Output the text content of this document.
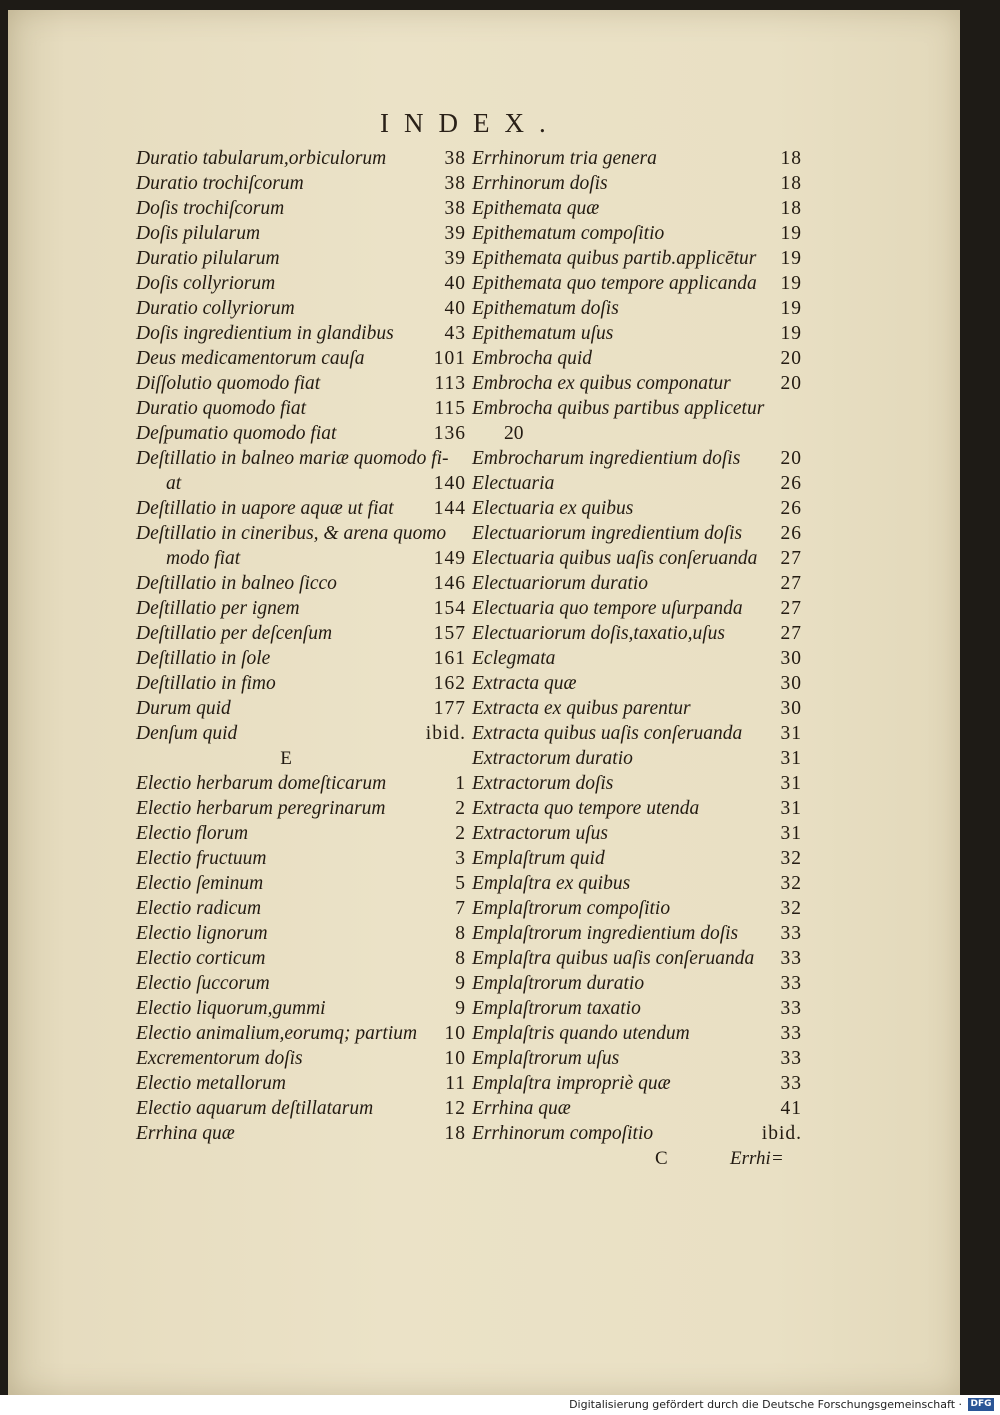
INDEX.
Duratio tabularum,orbiculorum	38
Duratio trochiſcorum	38
Doſis trochiſcorum	38
Doſis pilularum	39
Duratio pilularum	39
Doſis collyriorum	40
Duratio collyriorum	40
Doſis ingredientium in glandibus	43
Deus medicamentorum cauſa	101
Diſſolutio quomodo fiat	113
Duratio quomodo fiat	115
Deſpumatio quomodo fiat	136
Deſtillatio in balneo mariæ quomodo fi-
at	140
Deſtillatio in uapore aquæ ut fiat 144
Deſtillatio in cineribus, & arena quomo
modo fiat	149
Deſtillatio in balneo ſicco	146
Deſtillatio per ignem	154
Deſtillatio per deſcenſum	157
Deſtillatio in ſole	161
Deſtillatio in fimo	162
Durum quid	177
Denſum quid	ibid.
E
Electio herbarum domeſticarum	1
Electio herbarum peregrinarum	2
Electio florum	2
Electio fructuum	3
Electio ſeminum	5
Electio radicum	7
Electio lignorum	8
Electio corticum	8
Electio ſuccorum	9
Electio liquorum,gummi	9
Electio animalium,eorumq; partium 10
Excrementorum doſis	10
Electio metallorum	11
Electio aquarum deſtillatarum	12
Errhina quæ	18
Errhinorum tria genera	18
Errhinorum doſis	18
Epithemata quæ	18
Epithematum compoſitio	19
Epithemata quibus partib.applicētur 19
Epithemata quo tempore applicanda 19
Epithematum doſis	19
Epithematum uſus	19
Embrocha quid	20
Embrocha ex quibus componatur	20
Embrocha quibus partibus applicetur
20
Embrocharum ingredientium doſis 20
Electuaria	26
Electuaria ex quibus	26
Electuariorum ingredientium doſis 26
Electuaria quibus uaſis conſeruanda 27
Electuariorum duratio	27
Electuaria quo tempore uſurpanda 27
Electuariorum doſis,taxatio,uſus	27
Eclegmata	30
Extracta quæ	30
Extracta ex quibus parentur	30
Extracta quibus uaſis conſeruanda 31
Extractorum duratio	31
Extractorum doſis	31
Extracta quo tempore utenda	31
Extractorum uſus	31
Emplaſtrum quid	32
Emplaſtra ex quibus	32
Emplaſtrorum compoſitio	32
Emplaſtrorum ingredientium doſis 33
Emplaſtra quibus uaſis conſeruanda 33
Emplaſtrorum duratio	33
Emplaſtrorum taxatio	33
Emplaſtris quando utendum	33
Emplaſtrorum uſus	33
Emplaſtra impropriè quæ	33
Errhina quæ	41
Errhinorum compoſitio	ibid.
C	Errhi=
Digitalisierung gefördert durch die Deutsche Forschungsgemeinschaft · DFG
